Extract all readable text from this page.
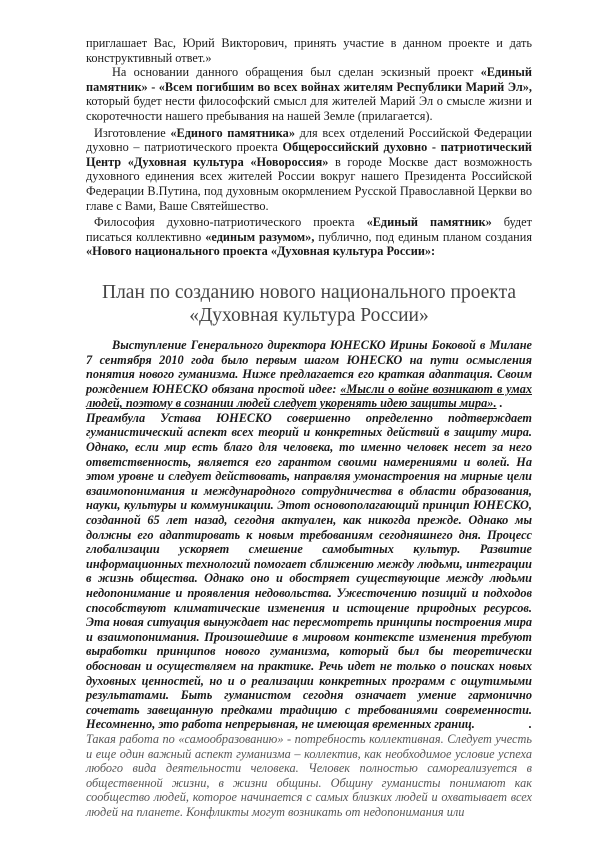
приглашает Вас, Юрий Викторович, принять участие в данном проекте и дать конструктивный ответ.»

На основании данного обращения был сделан эскизный проект «Единый памятник» - «Всем погибшим во всех войнах жителям Республики Марий Эл», который будет нести философский смысл для жителей Марий Эл о смысле жизни и скоротечности нашего пребывания на нашей Земле (прилагается).

Изготовление «Единого памятника» для всех отделений Российской Федерации духовно – патриотического проекта Общероссийский духовно - патриотический Центр «Духовная культура «Новороссия» в городе Москве даст возможность духовного единения всех жителей России вокруг нашего Президента Российской Федерации В.Путина, под духовным окормлением Русской Православной Церкви во главе с Вами, Ваше Святейшество.

Философия духовно-патриотического проекта «Единый памятник» будет писаться коллективно «единым разумом», публично, под единым планом создания «Нового национального проекта «Духовная культура России»:

План по созданию нового национального проекта
«Духовная культура России»

Выступление Генерального директора ЮНЕСКО Ирины Боковой в Милане 7 сентября 2010 года было первым шагом ЮНЕСКО на пути осмысления понятия нового гуманизма. Ниже предлагается его краткая адаптация. Своим рождением ЮНЕСКО обязана простой идее: «Мысли о войне возникают в умах людей, поэтому в сознании людей следует укоренять идею защиты мира». .

Преамбула Устава ЮНЕСКО совершенно определенно подтверждает гуманистический аспект всех теорий и конкретных действий в защиту мира. Однако, если мир есть благо для человека, то именно человек несет за него ответственность, является его гарантом своими намерениями и волей. На этом уровне и следует действовать, направляя умонастроения на мирные цели взаимопонимания и международного сотрудничества в области образования, науки, культуры и коммуникации. Этот основополагающий принцип ЮНЕСКО, созданной 65 лет назад, сегодня актуален, как никогда прежде. Однако мы должны его адаптировать к новым требованиям сегодняшнего дня. Процесс глобализации ускоряет смешение самобытных культур. Развитие информационных технологий помогает сближению между людьми, интеграции в жизнь общества. Однако оно и обостряет существующие между людьми недопонимание и проявления недовольства. Ужесточению позиций и подходов способствуют климатические изменения и истощение природных ресурсов. Эта новая ситуация вынуждает нас пересмотреть принципы построения мира и взаимопонимания. Произошедшие в мировом контексте изменения требуют выработки принципов нового гуманизма, который был бы теоретически обоснован и осуществляем на практике. Речь идет не только о поисках новых духовных ценностей, но и о реализации конкретных программ с ощутимыми результатами. Быть гуманистом сегодня означает умение гармонично сочетать завещанную предками традицию с требованиями современности. Несомненно, это работа непрерывная, не имеющая временных границ.	.

Такая работа по «самообразованию» - потребность коллективная. Следует учесть и еще один важный аспект гуманизма – коллектив, как необходимое условие успеха любого вида деятельности человека. Человек полностью самореализуется в общественной жизни, в жизни общины. Общину гуманисты понимают как сообщество людей, которое начинается с самых близких людей и охватывает всех людей на планете. Конфликты могут возникать от недопонимания или
